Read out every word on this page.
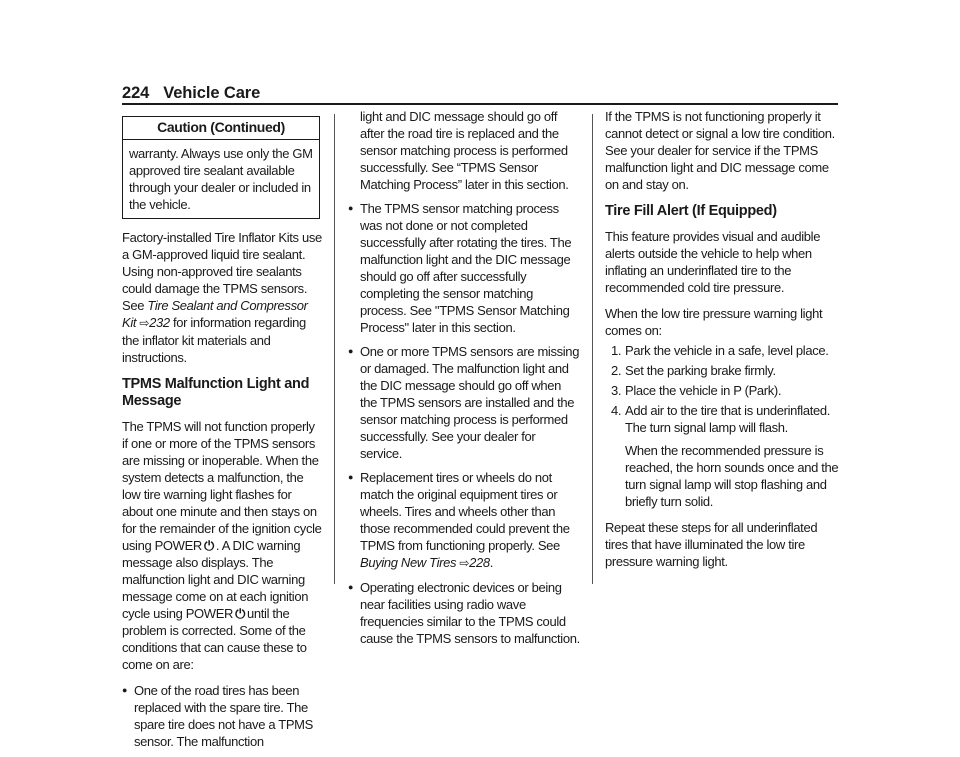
224 Vehicle Care
Caution (Continued)
warranty. Always use only the GM approved tire sealant available through your dealer or included in the vehicle.

Factory-installed Tire Inflator Kits use a GM-approved liquid tire sealant. Using non-approved tire sealants could damage the TPMS sensors. See Tire Sealant and Compressor Kit ⇨232 for information regarding the inflator kit materials and instructions.

TPMS Malfunction Light and Message

The TPMS will not function properly if one or more of the TPMS sensors are missing or inoperable. When the system detects a malfunction, the low tire warning light flashes for about one minute and then stays on for the remainder of the ignition cycle using POWER ⏻ . A DIC warning message also displays. The malfunction light and DIC warning message come on at each ignition cycle using POWER ⏻ until the problem is corrected. Some of the conditions that can cause these to come on are:

● One of the road tires has been replaced with the spare tire. The spare tire does not have a TPMS sensor. The malfunction

light and DIC message should go off after the road tire is replaced and the sensor matching process is performed successfully. See “TPMS Sensor Matching Process” later in this section.

● The TPMS sensor matching process was not done or not completed successfully after rotating the tires. The malfunction light and the DIC message should go off after successfully completing the sensor matching process. See "TPMS Sensor Matching Process" later in this section.
● One or more TPMS sensors are missing or damaged. The malfunction light and the DIC message should go off when the TPMS sensors are installed and the sensor matching process is performed successfully. See your dealer for service.
● Replacement tires or wheels do not match the original equipment tires or wheels. Tires and wheels other than those recommended could prevent the TPMS from functioning properly. See Buying New Tires ⇨228.
● Operating electronic devices or being near facilities using radio wave frequencies similar to the TPMS could cause the TPMS sensors to malfunction.

If the TPMS is not functioning properly it cannot detect or signal a low tire condition. See your dealer for service if the TPMS malfunction light and DIC message come on and stay on.

Tire Fill Alert (If Equipped)

This feature provides visual and audible alerts outside the vehicle to help when inflating an underinflated tire to the recommended cold tire pressure.

When the low tire pressure warning light comes on:

1. Park the vehicle in a safe, level place.
2. Set the parking brake firmly.
3. Place the vehicle in P (Park).
4. Add air to the tire that is underinflated. The turn signal lamp will flash.
When the recommended pressure is reached, the horn sounds once and the turn signal lamp will stop flashing and briefly turn solid.

Repeat these steps for all underinflated tires that have illuminated the low tire pressure warning light.
